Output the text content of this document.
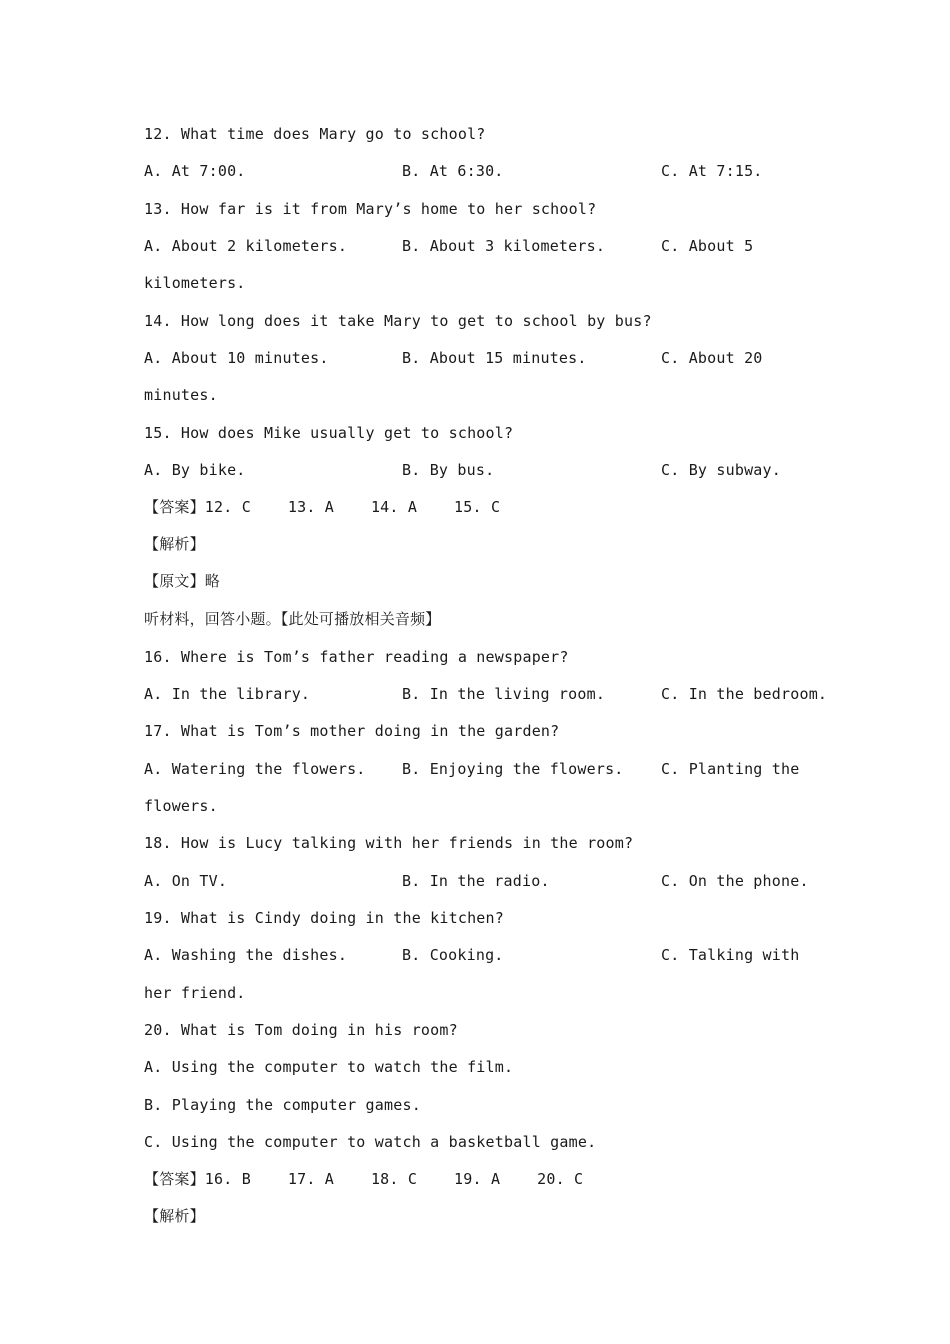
12. What time does Mary go to school?
A. At 7:00.	B. At 6:30.	C. At 7:15.
13. How far is it from Mary’s home to her school?
A. About 2 kilometers.	B. About 3 kilometers.	C. About 5
kilometers.
14. How long does it take Mary to get to school by bus?
A. About 10 minutes.	B. About 15 minutes.	C. About 20
minutes.
15. How does Mike usually get to school?
A. By bike.	B. By bus.	C. By subway.
【答案】12. C    13. A    14. A    15. C
【解析】
【原文】略
听材料，回答小题。【此处可播放相关音频】
16. Where is Tom’s father reading a newspaper?
A. In the library.	B. In the living room.	C. In the bedroom.
17. What is Tom’s mother doing in the garden?
A. Watering the flowers. B. Enjoying the flowers. C. Planting the
flowers.
18. How is Lucy talking with her friends in the room?
A. On TV.	B. In the radio.	C. On the phone.
19. What is Cindy doing in the kitchen?
A. Washing the dishes.	B. Cooking.	C. Talking with
her friend.
20. What is Tom doing in his room?
A. Using the computer to watch the film.
B. Playing the computer games.
C. Using the computer to watch a basketball game.
【答案】16. B    17. A    18. C    19. A    20. C
【解析】
